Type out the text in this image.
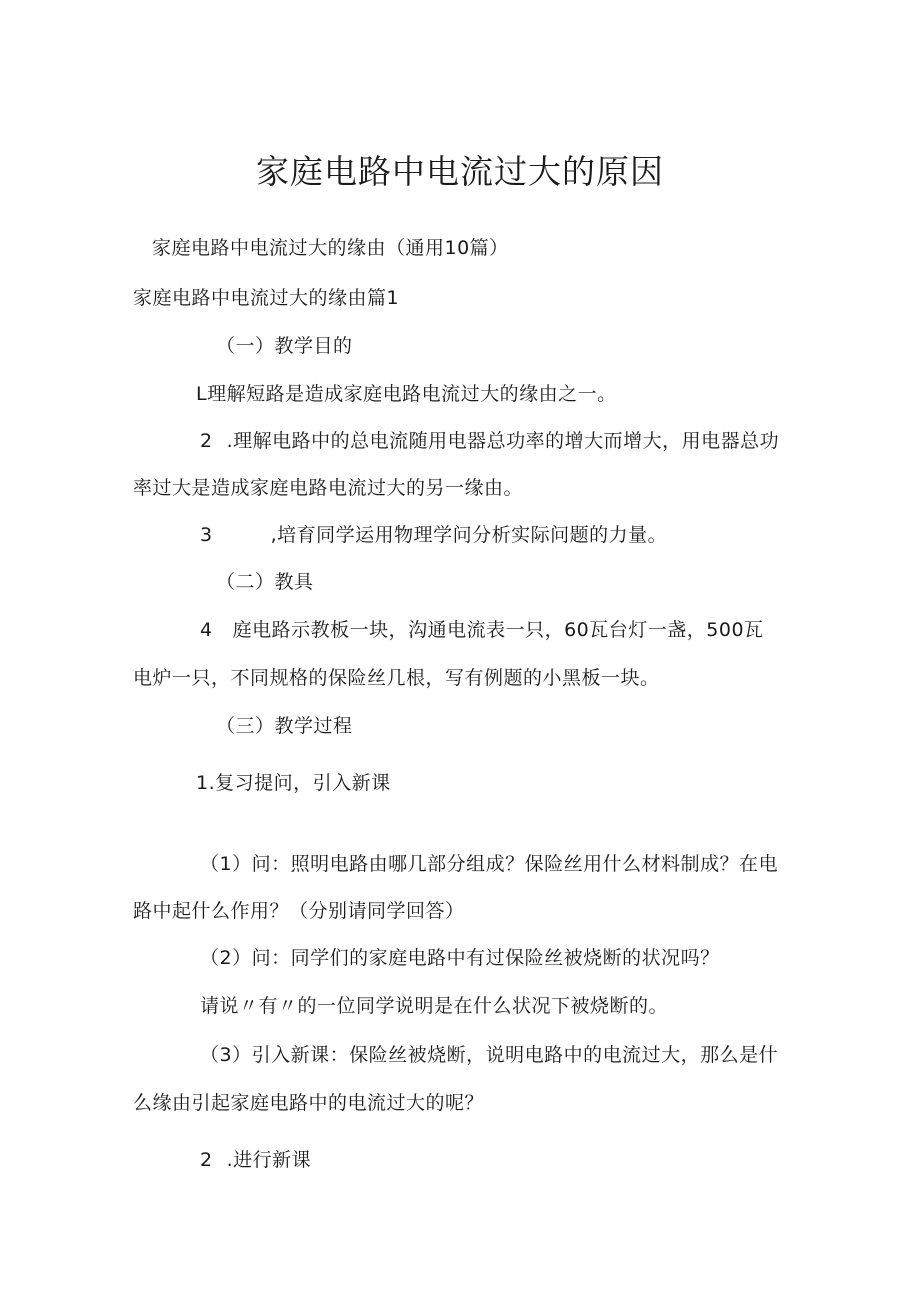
家庭电路中电流过大的原因
家庭电路中电流过大的缘由（通用10篇）
家庭电路中电流过大的缘由篇1
（一）教学目的
L理解短路是造成家庭电路电流过大的缘由之一。
2 .理解电路中的总电流随用电器总功率的增大而增大，用电器总功
率过大是造成家庭电路电流过大的另一缘由。
3	,培育同学运用物理学问分析实际问题的力量。
（二）教具
4 庭电路示教板一块，沟通电流表一只，60瓦台灯一盏，500瓦
电炉一只，不同规格的保险丝几根，写有例题的小黑板一块。
（三）教学过程
1.复习提问，引入新课
（1）问：照明电路由哪几部分组成？保险丝用什么材料制成？在电
路中起什么作用？（分别请同学回答）
（2）问：同学们的家庭电路中有过保险丝被烧断的状况吗？
请说〃有〃的一位同学说明是在什么状况下被烧断的。
（3）引入新课：保险丝被烧断，说明电路中的电流过大，那么是什
么缘由引起家庭电路中的电流过大的呢？
2 .进行新课
